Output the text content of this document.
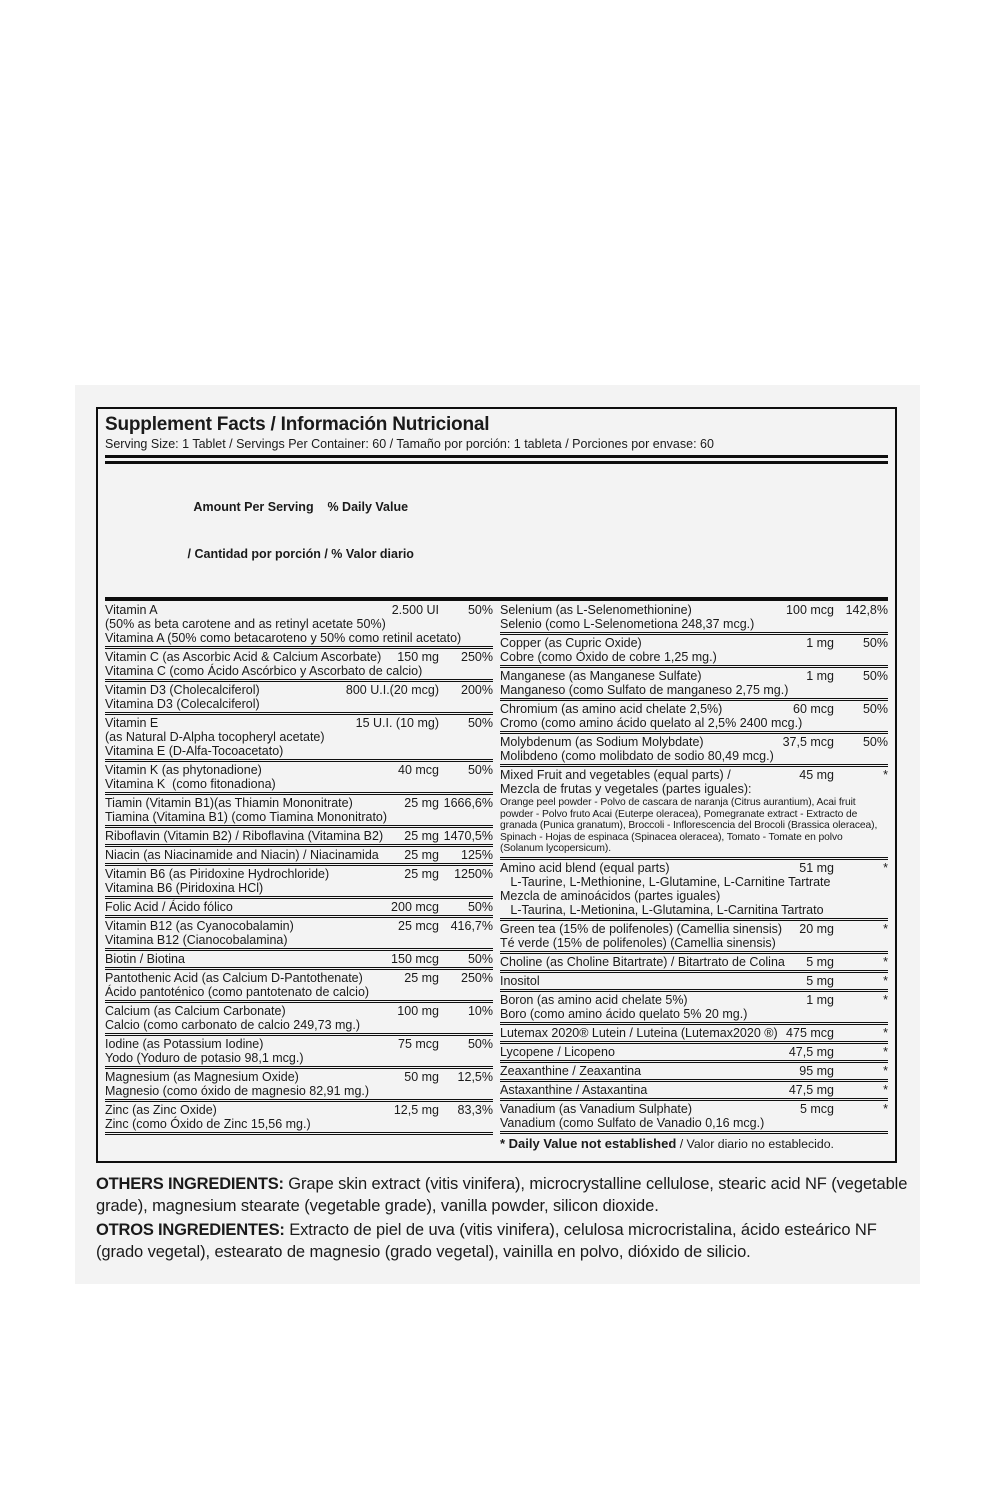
Supplement Facts / Información Nutricional
Serving Size: 1 Tablet / Servings Per Container: 60 / Tamaño por porción: 1 tableta / Porciones por envase: 60

Amount Per Serving    % Daily Value

/ Cantidad por porción / % Valor diario

Vitamin A	2.500 UI	50%
(50% as beta carotene and as retinyl acetate 50%)
Vitamina A (50% como betacaroteno y 50% como retinil acetato)
Vitamin C (as Ascorbic Acid & Calcium Ascorbate)	150 mg	250%
Vitamina C (como Ácido Ascórbico y Ascorbato de calcio)
Vitamin D3 (Cholecalciferol)	800 U.I.(20 mcg)	200%
Vitamina D3 (Colecalciferol)
Vitamin E	15 U.I. (10 mg)	50%
(as Natural D-Alpha tocopheryl acetate)
Vitamina E (D-Alfa-Tocoacetato)
Vitamin K (as phytonadione)	40 mcg	50%
Vitamina K  (como fitonadiona)
Tiamin (Vitamin B1)(as Thiamin Mononitrate)	25 mg 1666,6%
Tiamina (Vitamina B1) (como Tiamina Mononitrato)
Riboflavin (Vitamin B2) / Riboflavina (Vitamina B2)	25 mg 1470,5%
Niacin (as Niacinamide and Niacin) / Niacinamida	25 mg	125%
Vitamin B6 (as Piridoxine Hydrochloride)	25 mg	1250%
Vitamina B6 (Piridoxina HCl)
Folic Acid / Ácido fólico	200 mcg	50%
Vitamin B12 (as Cyanocobalamin)	25 mcg 416,7%
Vitamina B12 (Cianocobalamina)
Biotin / Biotina	150 mcg	50%
Pantothenic Acid (as Calcium D-Pantothenate)	25 mg	250%
Ácido pantoténico (como pantotenato de calcio)
Calcium (as Calcium Carbonate)	100 mg	10%
Calcio (como carbonato de calcio 249,73 mg.)
Iodine (as Potassium Iodine)	75 mcg	50%
Yodo (Yoduro de potasio 98,1 mcg.)
Magnesium (as Magnesium Oxide)	50 mg	12,5%
Magnesio (como óxido de magnesio 82,91 mg.)
Zinc (as Zinc Oxide)	12,5 mg	83,3%
Zinc (como Óxido de Zinc 15,56 mg.)
Selenium (as L-Selenomethionine)	100 mcg 142,8%
Selenio (como L-Selenometiona 248,37 mcg.)
Copper (as Cupric Oxide)	1 mg	50%
Cobre (como Óxido de cobre 1,25 mg.)
Manganese (as Manganese Sulfate)	1 mg	50%
Manganeso (como Sulfato de manganeso 2,75 mg.)
Chromium (as amino acid chelate 2,5%)	60 mcg	50%
Cromo (como amino ácido quelato al 2,5% 2400 mcg.)
Molybdenum (as Sodium Molybdate)	37,5 mcg	50%
Molibdeno (como molibdato de sodio 80,49 mcg.)
Mixed Fruit and vegetables (equal parts) /	45 mg	*
Mezcla de frutas y vegetales (partes iguales):
Orange peel powder - Polvo de cascara de naranja (Citrus aurantium), Acai fruit powder - Polvo fruto Acai (Euterpe oleracea), Pomegranate extract - Extracto de granada (Punica granatum), Broccoli - Inflorescencia del Brocoli (Brassica oleracea), Spinach - Hojas de espinaca (Spinacea oleracea), Tomato - Tomate en polvo (Solanum lycopersicum).
Amino acid blend (equal parts)	51 mg	*
L-Taurine, L-Methionine, L-Glutamine, L-Carnitine Tartrate
Mezcla de aminoácidos (partes iguales)
L-Taurina, L-Metionina, L-Glutamina, L-Carnitina Tartrato
Green tea (15% de polifenoles) (Camellia sinensis)	20 mg	*
Té verde (15% de polifenoles) (Camellia sinensis)
Choline (as Choline Bitartrate) / Bitartrato de Colina	5 mg	*
Inositol	5 mg	*
Boron (as amino acid chelate 5%)	1 mg	*
Boro (como amino ácido quelato 5% 20 mg.)
Lutemax 2020® Lutein / Luteina (Lutemax2020 ®) 475 mcg	*
Lycopene / Licopeno	47,5 mg	*
Zeaxanthine / Zeaxantina	95 mg	*
Astaxanthine / Astaxantina	47,5 mg	*
Vanadium (as Vanadium Sulphate)	5 mcg	*
Vanadium (como Sulfato de Vanadio 0,16 mcg.)
* Daily Value not established / Valor diario no establecido.

OTHERS INGREDIENTS: Grape skin extract (vitis vinifera), microcrystalline cellulose, stearic acid NF (vegetable grade), magnesium stearate (vegetable grade), vanilla powder, silicon dioxide.

OTROS INGREDIENTES: Extracto de piel de uva (vitis vinifera), celulosa microcristalina, ácido esteárico NF (grado vegetal), estearato de magnesio (grado vegetal), vainilla en polvo, dióxido de silicio.
